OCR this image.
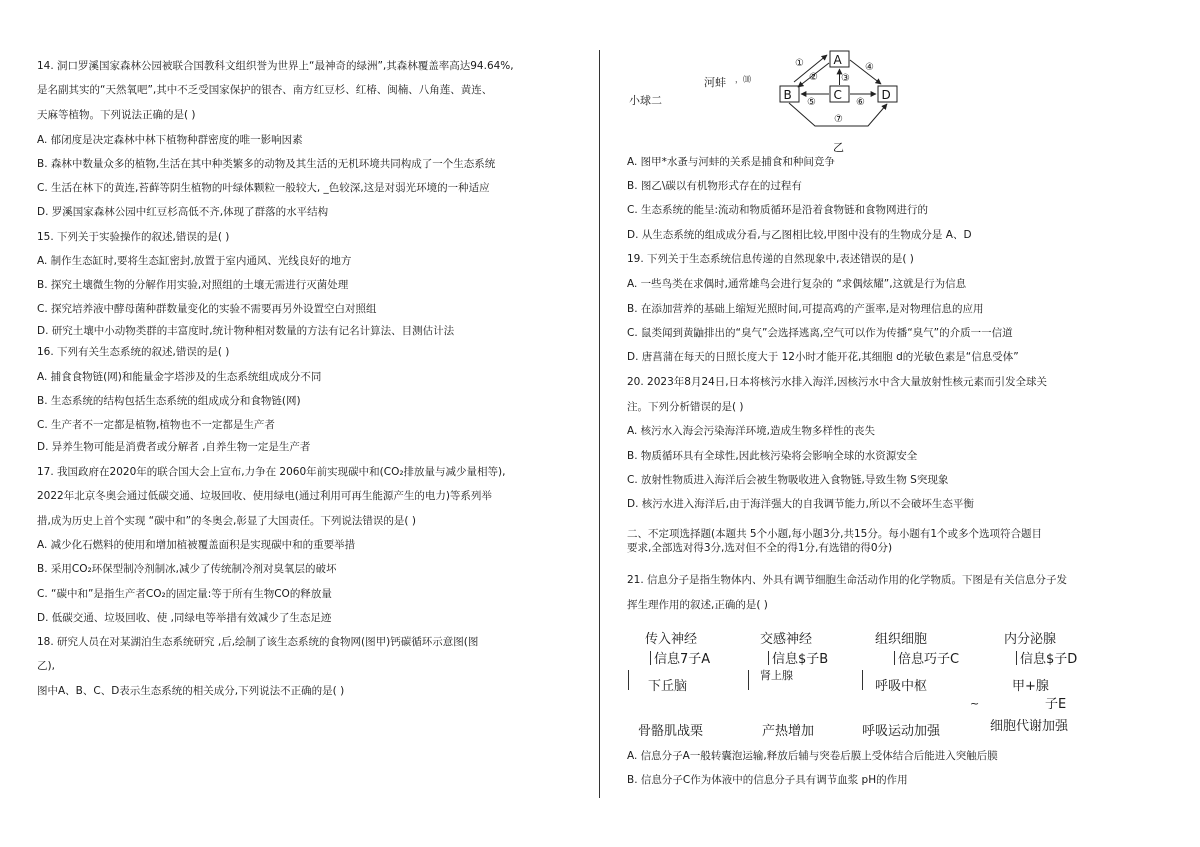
14. 洞口罗溪国家森林公园被联合国教科文组织誉为世界上“最神奇的绿洲”,其森林覆盖率高达94.64%,
是名副其实的“天然氧吧”,其中不乏受国家保护的银杏、南方红豆杉、红椿、闽楠、八角莲、黄连、
天麻等植物。下列说法正确的是( )
A. 郁闭度是决定森林中林下植物种群密度的唯一影响因素
B. 森林中数量众多的植物,生活在其中种类繁多的动物及其生活的无机环境共同构成了一个生态系统
C. 生活在林下的黄连,苔藓等阴生植物的叶绿体颗粒一般较大, _色较深,这是对弱光环境的一种适应
D. 罗溪国家森林公园中红豆杉高低不齐,体现了群落的水平结构
15. 下列关于实验操作的叙述,错误的是( )
A. 制作生态缸时,要将生态缸密封,放置于室内通风、光线良好的地方
B. 探究土壤微生物的分解作用实验,对照组的土壤无需进行灭菌处理
C. 探究培养液中酵母菌种群数量变化的实验不需要再另外设置空白对照组
D. 研究土壤中小动物类群的丰富度时,统计物种相对数量的方法有记名计算法、目测估计法
16. 下列有关生态系统的叙述,错误的是( )
A. 捕食食物链(网)和能量金字塔涉及的生态系统组成成分不同
B. 生态系统的结构包括生态系统的组成成分和食物链(网)
C. 生产者不一定都是植物,植物也不一定都是生产者
D. 异养生物可能是消费者或分解者 ,自养生物一定是生产者
17. 我国政府在2020年的联合国大会上宣布,力争在 2060年前实现碳中和(CO₂排放量与减少量相等),
2022年北京冬奥会通过低碳交通、垃圾回收、使用绿电(通过利用可再生能源产生的电力)等系列举
措,成为历史上首个实现 “碳中和”的冬奥会,彰显了大国责任。下列说法错误的是( )
A. 减少化石燃料的使用和增加植被覆盖面积是实现碳中和的重要举措
B. 采用CO₂环保型制冷剂制冰,减少了传统制冷剂对臭氧层的破坏
C. “碳中和”是指生产者CO₂的固定量:等于所有生物CO的释放量
D. 低碳交通、垃圾回收、使 ,同绿电等举措有效减少了生态足迹
18. 研究人员在对某湖泊生态系统研究 ,后,绘制了该生态系统的食物网(图甲)钙碳循环示意图(图
乙),
图中A、B、C、D表示生态系统的相关成分,下列说法不正确的是( )
小球二
河蚌 ，⑽
A
B	C	D
①
② ③
④
⑤	⑥
⑦
乙
A. 图甲*水蚤与河蚌的关系是捕食和种间竞争
B. 图乙\碳以有机物形式存在的过程有
C. 生态系统的能呈:流动和物质循环是沿着食物链和食物网进行的
D. 从生态系统的组成成分看,与乙图相比较,甲图中没有的生物成分是 A、D
19. 下列关于生态系统信息传递的自然现象中,表述错误的是( )
A. 一些鸟类在求偶时,通常雄鸟会进行复杂的 “求偶炫耀”,这就是行为信息
B. 在添加营养的基础上缩短光照时间,可提高鸡的产蛋率,是对物理信息的应用
C. 鼠类闻到黄鼬排出的“臭气”会选择逃离,空气可以作为传播“臭气”的介质一一信道
D. 唐菖蒲在每天的日照长度大于 12小时才能开花,其细胞 d的光敏色素是“信息受体”
20. 2023年8月24日,日本将核污水排入海洋,因核污水中含大量放射性核元素而引发全球关
注。下列分析错误的是( )
A. 核污水入海会污染海洋环境,造成生物多样性的丧失
B. 物质循环具有全球性,因此核污染将会影响全球的水资源安全
C. 放射性物质进入海洋后会被生物吸收进入食物链,导致生物 S突现象
D. 核污水进入海洋后,由于海洋强大的自我调节能力,所以不会破坏生态平衡
二、不定项选择题(本题共 5个小题,每小题3分,共15分。每小题有1个或多个选项符合题目
要求,全部选对得3分,选对但不全的得1分,有选错的得0分)
21. 信息分子是指生物体内、外具有调节细胞生命活动作用的化学物质。下图是有关信息分子发
挥生理作用的叙述,正确的是( )
A. 信息分子A一般转囊泡运输,释放后辅与突卷后膜上受体结合后能进入突触后膜
B. 信息分子C作为体液中的信息分子具有调节血浆 pH的作用
传入神经	交感神经	组织细胞	内分泌腺
信息7子A	信息$子B	倍息巧子C	信息$子D
下丘脑
肾上腺
呼吸中枢	甲+腺
~	子E
骨骼肌战栗	产热增加	呼吸运动加强	细胞代谢加强
